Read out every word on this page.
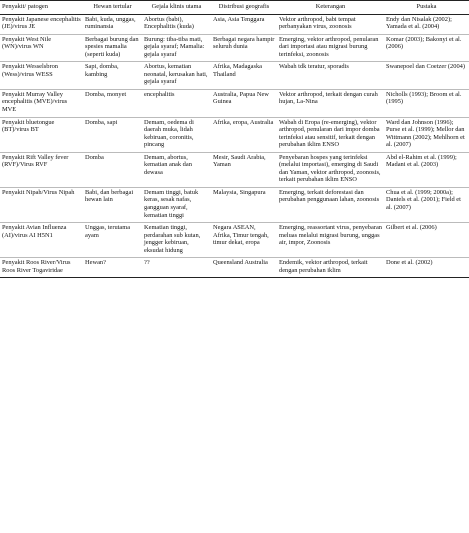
Penyakit/ patogen	Hewan tertular	Gejala klinis utama	Distribusi geografis	Keterangan	Pustaka
Penyakit Japanese encephalitis (JE)/virus JE	Babi, kuda, unggas, ruminansia	Abortus (babi), Encephalitis (kuda)	Asia, Asia Tenggara	Vektor arthropod, babi tempat perbanyakan virus, zoonosis	Endy dan Nisalak (2002); Yamada et al. (2004)
Penyakit West Nile (WN)/virus WN	Berbagai burung dan spesies mamalia (seperti kuda)	Burung: tiba-tiba mati, gejala syaraf; Mamalia: gejala syaraf	Berbagai negara hampir seluruh dunia	Emerging, vektor arthropod, penularan dari importasi atau migrasi burung terinfeksi, zoonosis	Komar (2003); Bakonyi et al. (2006)
Penyakit Wesselsbron (Wess)/virus WESS	Sapi, domba, kambing	Abortus, kematian neonatal, kerusakan hati, gejala syaraf	Afrika, Madagaska Thailand	Wabah tdk teratur, sporadis	Swanepoel dan Coetzer (2004)
Penyakit Murray Valley encephalitis (MVE)/virus MVE	Domba, monyet	encephalitis	Australia, Papua New Guinea	Vektor arthropod, terkait dengan curah hujan, La-Nina	Nicholls (1993); Broom et al. (1995)
Penyakit bluetongue (BT)/virus BT	Domba, sapi	Demam, oedema di daerah muka, lidah kebiruan, coronitis, pincang	Afrika, eropa, Australia	Wabah di Eropa (re-emerging), vektor arthropod, penularan dari impor domba terinfeksi atau sensitif, terkait dengan perubahan iklim ENSO	Ward dan Johnson (1996); Purse et al. (1999); Mellor dan Wittmann (2002); Mehlhorn et al. (2007)
Penyakit Rift Valley fever (RVF)/Virus RVF	Domba	Demam, abortus, kematian anak dan dewasa	Mesir, Saudi Arabia, Yaman	Penyebaran hospes yang terinfeksi (melalui importasi), emerging di Saudi dan Yaman, vektor arthropod, zoonosis, terkait perubahan iklim ENSO	Abd el-Rahim et al. (1999); Madani et al. (2003)
Penyakit Nipah/Virus Nipah	Babi, dan berbagai hewan lain	Demam tinggi, batuk keras, sesak nafas, gangguan syaraf, kematian tinggi	Malaysia, Singapura	Emerging, terkait deforestasi dan perubahan penggunaan lahan, zoonosis	Chua et al. (1999; 2000a); Daniels et al. (2001); Field et al. (2007)
Penyakit Avian Influenza (AI)/virus AI H5N1	Unggas, terutama ayam	Kematian tinggi, perdarahan sub kutan, jengger kebiruan, eksudat hidung	Negara ASEAN, Afrika, Timur tengah, timur dekat, eropa	Emerging, reassortant virus, penyebaran meluas melalui migrasi burung, unggas air, impor, Zoonosis	Gilbert et al. (2006)
Penyakit Roos River/Virus Roos River Togaviridae	Hewan?	??	Queensland Australia	Endemik, vektor arthropod, terkait dengan perubahan iklim	Done et al. (2002)
